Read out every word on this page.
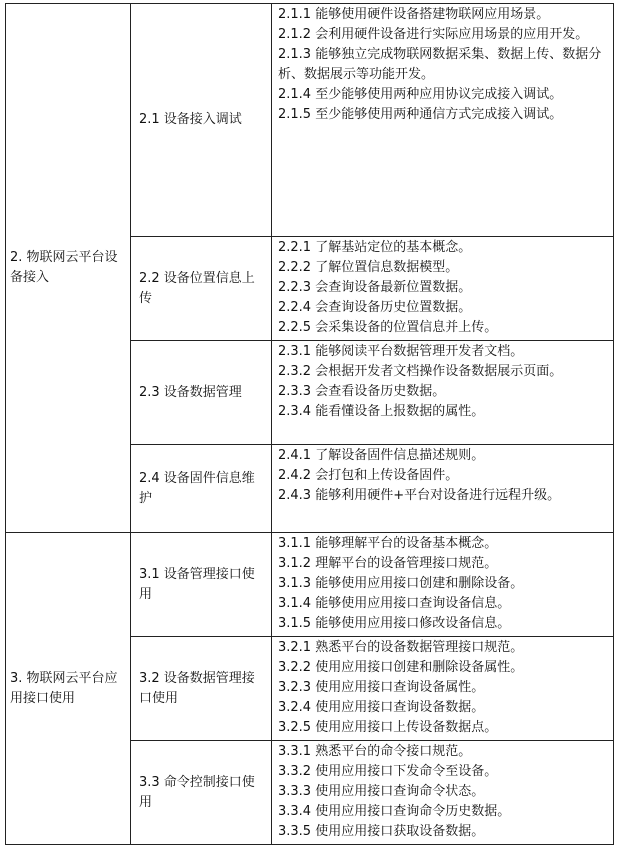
2. 物联网云平台设备接入	2.1 设备接入调试	2.1.1 能够使用硬件设备搭建物联网应用场景。
2.1.2 会利用硬件设备进行实际应用场景的应用开发。
2.1.3 能够独立完成物联网数据采集、数据上传、数据分析、数据展示等功能开发。
2.1.4 至少能够使用两种应用协议完成接入调试。
2.1.5 至少能够使用两种通信方式完成接入调试。

	2.2 设备位置信息上传	2.2.1 了解基站定位的基本概念。
2.2.2 了解位置信息数据模型。
2.2.3 会查询设备最新位置数据。
2.2.4 会查询设备历史位置数据。
2.2.5 会采集设备的位置信息并上传。

	2.3 设备数据管理	2.3.1 能够阅读平台数据管理开发者文档。
2.3.2 会根据开发者文档操作设备数据展示页面。
2.3.3 会查看设备历史数据。
2.3.4 能看懂设备上报数据的属性。

	2.4 设备固件信息维护	2.4.1 了解设备固件信息描述规则。
2.4.2 会打包和上传设备固件。
2.4.3 能够利用硬件+平台对设备进行远程升级。

3. 物联网云平台应用接口使用	3.1 设备管理接口使用	3.1.1 能够理解平台的设备基本概念。
3.1.2 理解平台的设备管理接口规范。
3.1.3 能够使用应用接口创建和删除设备。
3.1.4 能够使用应用接口查询设备信息。
3.1.5 能够使用应用接口修改设备信息。

	3.2 设备数据管理接口使用	3.2.1 熟悉平台的设备数据管理接口规范。
3.2.2 使用应用接口创建和删除设备属性。
3.2.3 使用应用接口查询设备属性。
3.2.4 使用应用接口查询设备数据。
3.2.5 使用应用接口上传设备数据点。

	3.3 命令控制接口使用	3.3.1 熟悉平台的命令接口规范。
3.3.2 使用应用接口下发命令至设备。
3.3.3 使用应用接口查询命令状态。
3.3.4 使用应用接口查询命令历史数据。
3.3.5 使用应用接口获取设备数据。
